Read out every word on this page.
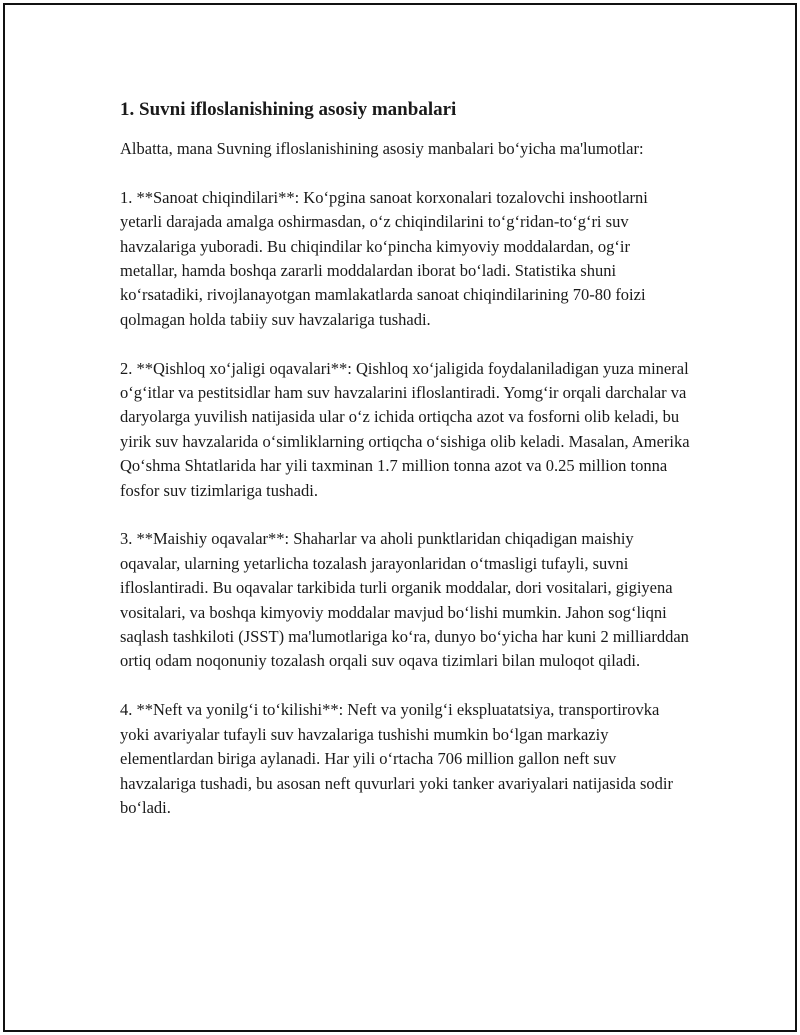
1. Suvni ifloslanishining asosiy manbalari

Albatta, mana Suvning ifloslanishining asosiy manbalari bo‘yicha ma'lumotlar:

1. **Sanoat chiqindilari**: Ko‘pgina sanoat korxonalari tozalovchi inshootlarni yetarli darajada amalga oshirmasdan, o‘z chiqindilarini to‘g‘ridan-to‘g‘ri suv havzalariga yuboradi. Bu chiqindilar ko‘pincha kimyoviy moddalardan, og‘ir metallar, hamda boshqa zararli moddalardan iborat bo‘ladi. Statistika shuni ko‘rsatadiki, rivojlanayotgan mamlakatlarda sanoat chiqindilarining 70-80 foizi qolmagan holda tabiiy suv havzalariga tushadi.

2. **Qishloq xo‘jaligi oqavalari**: Qishloq xo‘jaligida foydalaniladigan yuza mineral o‘g‘itlar va pestitsidlar ham suv havzalarini ifloslantiradi. Yomg‘ir orqali darchalar va daryolarga yuvilish natijasida ular o‘z ichida ortiqcha azot va fosforni olib keladi, bu yirik suv havzalarida o‘simliklarning ortiqcha o‘sishiga olib keladi. Masalan, Amerika Qo‘shma Shtatlarida har yili taxminan 1.7 million tonna azot va 0.25 million tonna fosfor suv tizimlariga tushadi.

3. **Maishiy oqavalar**: Shaharlar va aholi punktlaridan chiqadigan maishiy oqavalar, ularning yetarlicha tozalash jarayonlaridan o‘tmasligi tufayli, suvni ifloslantiradi. Bu oqavalar tarkibida turli organik moddalar, dori vositalari, gigiyena vositalari, va boshqa kimyoviy moddalar mavjud bo‘lishi mumkin. Jahon sog‘liqni saqlash tashkiloti (JSST) ma'lumotlariga ko‘ra, dunyo bo‘yicha har kuni 2 milliarddan ortiq odam noqonuniy tozalash orqali suv oqava tizimlari bilan muloqot qiladi.

4. **Neft va yonilg‘i to‘kilishi**: Neft va yonilg‘i ekspluatatsiya, transportirovka yoki avariyalar tufayli suv havzalariga tushishi mumkin bo‘lgan markaziy elementlardan biriga aylanadi. Har yili o‘rtacha 706 million gallon neft suv havzalariga tushadi, bu asosan neft quvurlari yoki tanker avariyalari natijasida sodir bo‘ladi.
